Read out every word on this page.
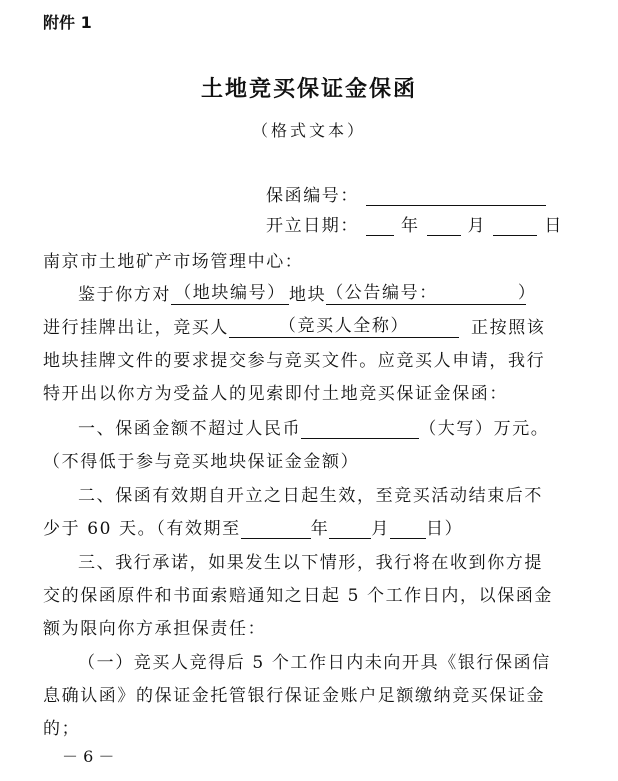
附件 1
土地竞买保证金保函
（格式文本）
保函编号：
开立日期： 年	月	日
南京市土地矿产市场管理中心：
鉴于你方对 （地块编号） 地块（公告编号：	）
进行挂牌出让，竞买人	（竞买人全称）	正按照该
地块挂牌文件的要求提交参与竞买文件。应竞买人申请，我行
特开出以你方为受益人的见索即付土地竞买保证金保函：
一、保函金额不超过人民币	（大写）万元。
（不得低于参与竞买地块保证金金额）
二、保函有效期自开立之日起生效，至竞买活动结束后不
少于 60 天。（有效期至	年 月 日）
三、我行承诺，如果发生以下情形，我行将在收到你方提
交的保函原件和书面索赔通知之日起 5 个工作日内，以保函金
额为限向你方承担保责任：
（一）竞买人竞得后 5 个工作日内未向开具《银行保函信
息确认函》的保证金托管银行保证金账户足额缴纳竞买保证金
的；
－ 6 －
